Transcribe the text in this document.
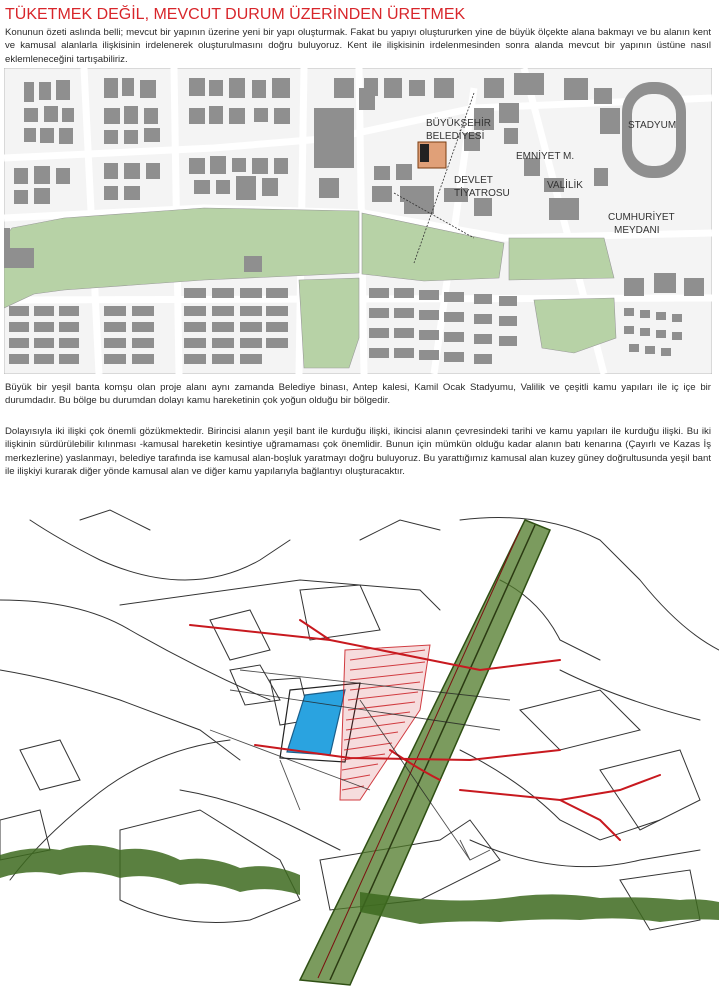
TÜKETMEK DEĞİL, MEVCUT DURUM ÜZERİNDEN ÜRETMEK
Konunun özeti aslında belli; mevcut bir yapının üzerine yeni bir yapı oluşturmak. Fakat bu yapıyı oluştururken yine de büyük ölçekte alana bakmayı ve bu alanın kent ve kamusal alanlarla ilişkisinin irdelenerek oluşturulmasını doğru buluyoruz. Kent ile ilişkisinin irdelenmesinden sonra alanda mevcut bir yapının üstüne nasıl eklemleneceğini tartışabiliriz.
BÜYÜKŞEHİR
BELEDİYESİ
EMNİYET M.
DEVLET
TİYATROSU
VALİLİK
STADYUM
CUMHURİYET
MEYDANI
Büyük bir yeşil banta komşu olan proje alanı aynı zamanda Belediye binası, Antep kalesi, Kamil Ocak Stadyumu, Valilik ve çeşitli kamu yapıları ile iç içe bir durumdadır. Bu bölge bu durumdan dolayı kamu hareketinin çok yoğun olduğu bir bölgedir.
Dolayısıyla iki ilişki çok önemli gözükmektedir. Birincisi alanın yeşil bant ile kurduğu ilişki, ikincisi alanın çevresindeki tarihi ve kamu yapıları ile kurduğu ilişki. Bu iki ilişkinin sürdürülebilir kılınması -kamusal hareketin kesintiye uğramaması çok önemlidir. Bunun için mümkün olduğu kadar alanın batı kenarına (Çayırlı ve Kazas İş merkezlerine) yaslanmayı, belediye tarafında ise kamusal alan-boşluk yaratmayı doğru buluyoruz. Bu yarattığımız kamusal alan kuzey güney doğrultusunda yeşil bant ile ilişkiyi kurarak diğer yönde kamusal alan ve diğer kamu yapılarıyla bağlantıyı oluşturacaktır.
